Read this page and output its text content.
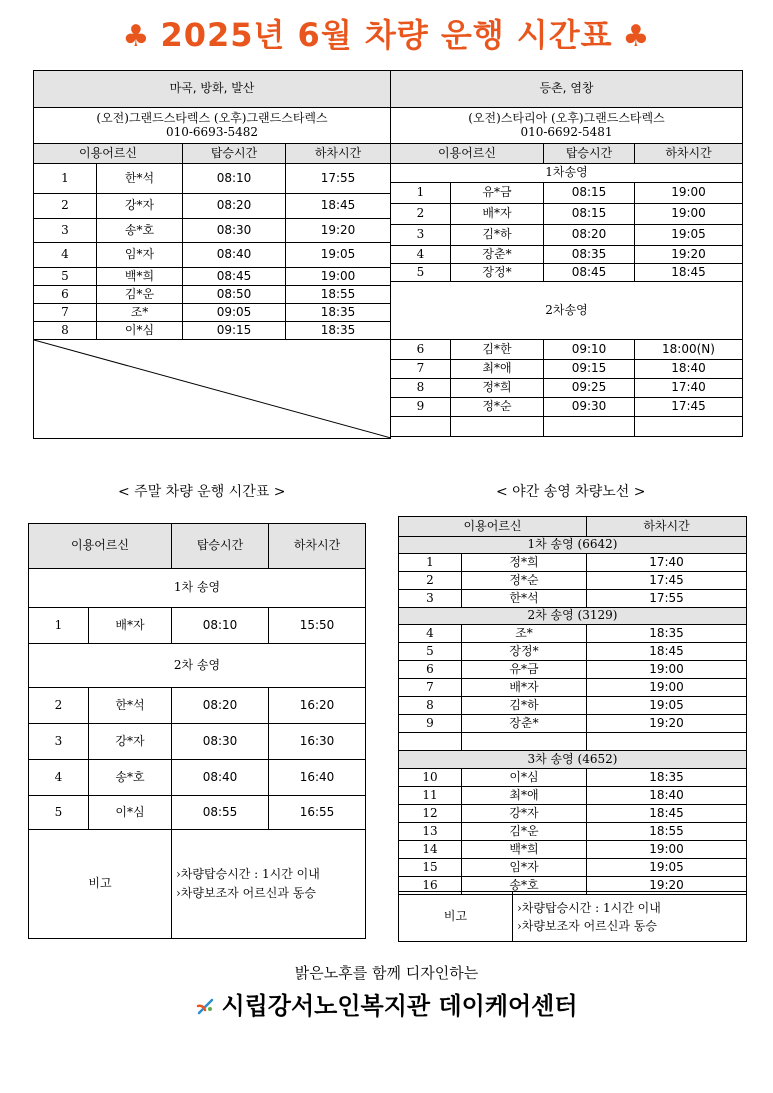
♣ 2025년 6월 차량 운행 시간표 ♣
마곡, 방화, 발산			

(오전)그랜드스타렉스 (오후)그랜드스타렉스
010-6693-5482			

이용어르신		탑승시간	하차시간
1	한*석	08:10	17:55
2	강*자	08:20	18:45
3	송*호	08:30	19:20
4	임*자	08:40	19:05
5	백*희	08:45	19:00
6	김*운	08:50	18:55
7	조*	09:05	18:35
8	이*심	09:15	18:35

등촌, 염창			

(오전)스타리아 (오후)그랜드스타렉스
010-6692-5481			

이용어르신		탑승시간	하차시간
1차송영			
1	유*금	08:15	19:00
2	배*자	08:15	19:00
3	김*하	08:20	19:05
4	장춘*	08:35	19:20
5	장정*	08:45	18:45
2차송영			
6	김*한	09:10	18:00(N)
7	최*애	09:15	18:40
8	정*희	09:25	17:40
9	정*순	09:30	17:45

< 주말 차량 운행 시간표 >
이용어르신		탑승시간	하차시간
1차 송영			
1	배*자	08:10	15:50
2차 송영			
2	한*석	08:20	16:20
3	강*자	08:30	16:30
4	송*호	08:40	16:40
5	이*심	08:55	16:55
비고		›차량탑승시간 : 1시간 이내
›차량보조자 어르신과 동승	
< 야간 송영 차량노선 >
이용어르신		하차시간
1차 송영 (6642)		
1	정*희	17:40
2	정*순	17:45
3	한*석	17:55
2차 송영 (3129)		
4	조*	18:35
5	장정*	18:45
6	유*금	19:00
7	배*자	19:00
8	김*하	19:05
9	장춘*	19:20

3차 송영 (4652)		
10	이*심	18:35
11	최*애	18:40
12	강*자	18:45
13	김*운	18:55
14	백*희	19:00
15	임*자	19:05
16	송*호	19:20
비고	
›차량탑승시간 : 1시간 이내
›차량보조자 어르신과 동승
밝은노후를 함께 디자인하는
시립강서노인복지관 데이케어센터
